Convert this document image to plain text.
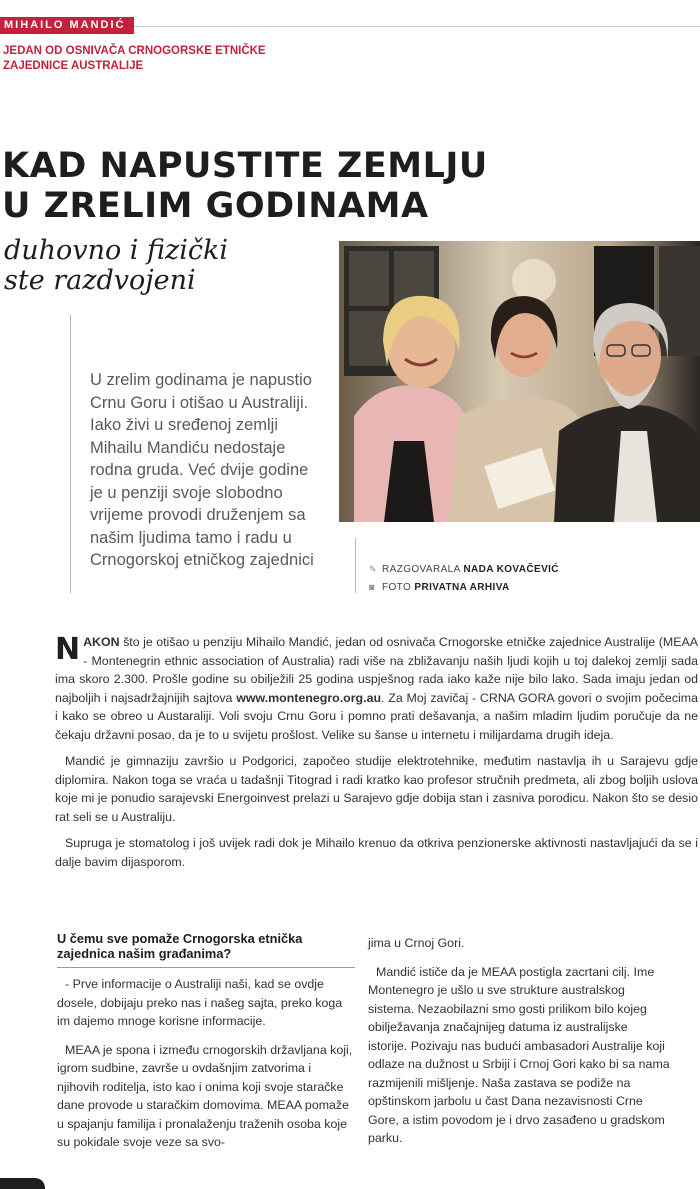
MIHAILO MANDIĆ
JEDAN OD OSNIVAČA CRNOGORSKE ETNIČKE ZAJEDNICE AUSTRALIJE
KAD NAPUSTITE ZEMLJU
U ZRELIM GODINAMA
duhovno i fizički
ste razdvojeni

U zrelim godinama je napustio Crnu Goru i otišao u Australiji. Iako živi u sređenoj zemlji Mihailu Mandiću nedostaje rodna gruda. Već dvije godine je u penziji svoje slobodno vrijeme provodi druženjem sa našim ljudima tamo i radu u Crnogorskoj etničkog zajednici	✎ RAZGOVARALA NADA KOVAČEVIĆ
◙ FOTO PRIVATNA ARHIVA

NAKON što je otišao u penziju Mihailo Mandić, jedan od osnivača Crnogorske etničke zajednice Australije (MEAA - Montenegrin ethnic association of Australia) radi više na zbližavanju naših ljudi kojih u toj dalekoj zemlji sada ima skoro 2.300. Prošle godine su obilježili 25 godina uspješnog rada iako kaže nije bilo lako. Sada imaju jedan od najboljih i najsadržajnijih sajtova www.montenegro.org.au. Za Moj zavičaj - CRNA GORA govori o svojim počecima i kako se obreo u Austaraliji. Voli svoju Crnu Goru i pomno prati dešavanja, a našim mladim ljudim poručuje da ne čekaju državni posao, da je to u svijetu prošlost. Velike su šanse u internetu i milijardama drugih ideja.

Mandić je gimnaziju završio u Podgorici, započeo studije elektrotehnike, međutim nastavlja ih u Sarajevu gdje diplomira. Nakon toga se vraća u tadašnji Titograd i radi kratko kao profesor stručnih predmeta, ali zbog boljih uslova koje mi je ponudio sarajevski Energoinvest prelazi u Sarajevo gdje dobija stan i zasniva porodicu. Nakon što se desio rat seli se u Australiju.

Supruga je stomatolog i još uvijek radi dok je Mihailo krenuo da otkriva penzionerske aktivnosti nastavljajući da se i dalje bavim dijasporom.

U čemu sve pomaže Crnogorska etnička zajednica našim građanima?

- Prve informacije o Australiji naši, kad se ovdje dosele, dobijaju preko nas i našeg sajta, preko koga im dajemo mnoge korisne informacije.

MEAA je spona i između crnogorskih državljana koji, igrom sudbine, završe u ovdašnjim zatvorima i njihovih roditelja, isto kao i onima koji svoje staračke dane provode u staračkim domovima. MEAA pomaže u spajanju familija i pronalaženju traženih osoba koje su pokidale svoje veze sa svo-

jima u Crnoj Gori.

Mandić ističe da je MEAA postigla zacrtani cilj. Ime Montenegro je ušlo u sve strukture australskog sistema. Nezaobilazni smo gosti prilikom bilo kojeg obilježavanja značajnijeg datuma iz australijske istorije. Pozivaju nas budući ambasadori Australije koji odlaze na dužnost u Srbiji i Crnoj Gori kako bi sa nama razmijenili mišljenje. Naša zastava se podiže na opštinskom jarbolu u čast Dana nezavisnosti Crne Gore, a istim povodom je i drvo zasađeno u gradskom parku.
